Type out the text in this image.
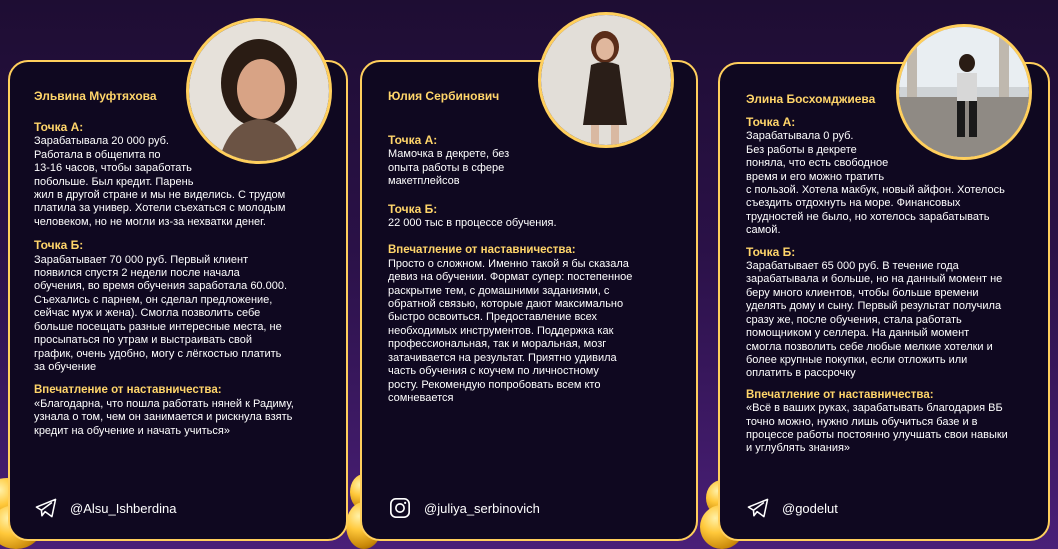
Эльвина Муфтяхова
Точка А:
Зарабатывала 20 000 руб.
Работала в общепита по
13-16 часов, чтобы заработать
побольше. Был кредит. Парень
жил в другой стране и мы не виделись. С трудом
платила за универ. Хотели съехаться с молодым
человеком, но не могли из-за нехватки денег.
Точка Б:
Зарабатывает 70 000 руб. Первый клиент
появился спустя 2 недели после начала
обучения, во время обучения заработала 60.000.
Съехались с парнем, он сделал предложение,
сейчас муж и жена). Смогла позволить себе
больше посещать разные интересные места, не
просыпаться по утрам и выстраивать свой
график, очень удобно, могу с лёгкостью платить
за обучение
Впечатление от наставничества:
«Благодарна, что пошла работать няней к Радиму,
узнала о том, чем он занимается и рискнула взять
кредит на обучение и начать учиться»
@Alsu_Ishberdina
Юлия Сербинович
Точка А:
Мамочка в декрете, без
опыта работы в сфере
макетплейсов
Точка Б:
22 000 тыс в процессе обучения.
Впечатление от наставничества:
Просто о сложном. Именно такой я бы сказала
девиз на обучении. Формат супер: постепенное
раскрытие тем, с домашними заданиями, с
обратной связью, которые дают максимально
быстро освоиться. Предоставление всех
необходимых инструментов. Поддержка как
профессиональная, так и моральная, мозг
затачивается на результат. Приятно удивила
часть обучения с коучем по личностному
росту. Рекомендую попробовать всем кто
сомневается
@juliya_serbinovich
Элина Босхомджиева
Точка А:
Зарабатывала 0 руб.
Без работы в декрете
поняла, что есть свободное
время и его можно тратить
с пользой. Хотела макбук, новый айфон. Хотелось
съездить отдохнуть на море. Финансовых
трудностей не было, но хотелось зарабатывать
самой.
Точка Б:
Зарабатывает 65 000 руб. В течение года
зарабатывала и больше, но на данный момент не
беру много клиентов, чтобы больше времени
уделять дому и сыну. Первый результат получила
сразу же, после обучения, стала работать
помощником у селлера. На данный момент
смогла позволить себе любые мелкие хотелки и
более крупные покупки, если отложить или
оплатить в рассрочку
Впечатление от наставничества:
«Всё в ваших руках, зарабатывать благодария ВБ
точно можно, нужно лишь обучиться базе и в
процессе работы постоянно улучшать свои навыки
и углублять знания»
@godelut
